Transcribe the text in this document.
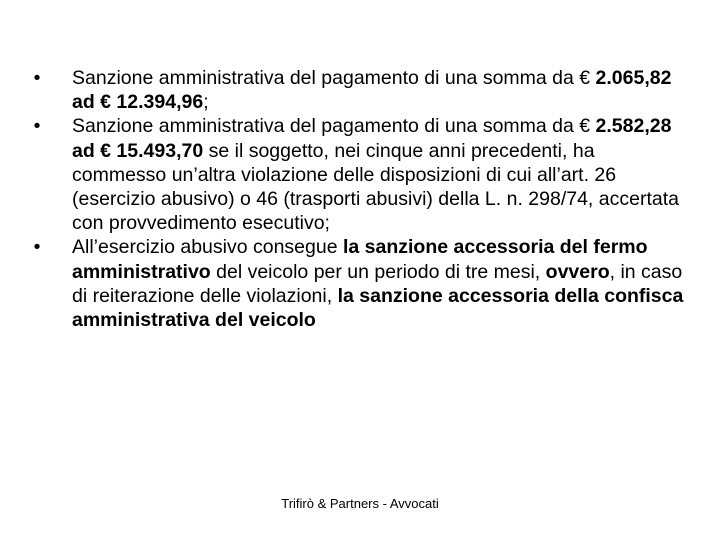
• Sanzione amministrativa del pagamento di una somma da € 2.065,82 ad € 12.394,96;
• Sanzione amministrativa del pagamento di una somma da € 2.582,28 ad € 15.493,70 se il soggetto, nei cinque anni precedenti, ha commesso un’altra violazione delle disposizioni di cui all’art. 26 (esercizio abusivo) o 46 (trasporti abusivi) della L. n. 298/74, accertata con provvedimento esecutivo;
• All’esercizio abusivo consegue la sanzione accessoria del fermo amministrativo del veicolo per un periodo di tre mesi, ovvero, in caso di reiterazione delle violazioni, la sanzione accessoria della confisca amministrativa del veicolo
Trifirò & Partners - Avvocati
